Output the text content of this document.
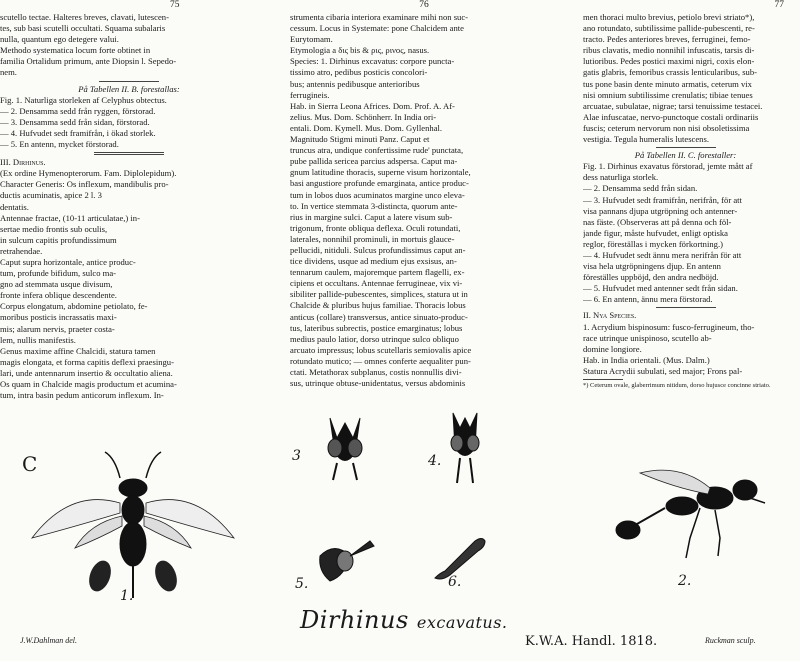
75
scutello tectae. Halteres breves, clavati, lutescen-
tes, sub basi scutelli occultati. Squama subalaris
nulla, quantum ego detegere valui.
Methodo systematica locum forte obtinet in
familia Ortalidum primum, ante Diopsin l. Sepedo-
nem.
På Tabellen II. B. forestallas:
Fig. 1. Naturliga storleken af Celyphus obtectus.
— 2. Densamma sedd från ryggen, förstorad.
— 3. Densamma sedd från sidan, förstorad.
— 4. Hufvudet sedt framifrån, i ökad storlek.
— 5. En antenn, mycket förstorad.
III. Dirhinus.
(Ex ordine Hymenopterorum. Fam. Diplolepidum).
Character Generis: Os inflexum, mandibulis pro-
ductis acuminatis, apice 2 l. 3
dentatis.
Antennae fractae, (10-11 articulatae,) in-
sertae medio frontis sub oculis,
in sulcum capitis profundissimum
retrahendae.
Caput supra horizontale, antice produc-
tum, profunde bifidum, sulco ma-
gno ad stemmata usque divisum,
fronte infera oblique descendente.
Corpus elongatum, abdomine petiolato, fe-
moribus posticis incrassatis maxi-
mis; alarum nervis, praeter costa-
lem, nullis manifestis.
Genus maxime affine Chalcidi, statura tamen
magis elongata, et forma capitis deflexi praesingu-
lari, unde antennarum insertio & occultatio aliena.
Os quam in Chalcide magis productum et acumina-
tum, intra basin pedum anticorum inflexum. In-
76
strumenta cibaria interiora examinare mihi non suc-
cessum. Locus in Systemate: pone Chalcidem ante
Eurytomam.
Etymologia a δις bis & ρις, ρινος, nasus.
Species: 1. Dirhinus excavatus: corpore puncta-
tissimo atro, pedibus posticis concolori-
bus; antennis pedibusque anterioribus
ferrugineis.
Hab. in Sierra Leona Africes. Dom. Prof. A. Af-
zelius. Mus. Dom. Schönherr. In India ori-
entali. Dom. Kymell. Mus. Dom. Gyllenhal.
Magnitudo Stigmi minuti Panz. Caput et
truncus atra, undique confertissime rude' punctata,
pube pallida sericea parcius adspersa. Caput ma-
gnum latitudine thoracis, superne visum horizontale,
basi angustiore profunde emarginata, antice produc-
tum in lobos duos acuminatos margine unco eleva-
to. In vertice stemmata 3-distincta, quorum ante-
rius in margine sulci. Caput a latere visum sub-
trigonum, fronte obliqua deflexa. Oculi rotundati,
laterales, nonnihil prominuli, in mortuis glauce-
pellucidi, nitiduli. Sulcus profundissimus caput an-
tice dividens, usque ad medium ejus exsisus, an-
tennarum caulem, majoremque partem flagelli, ex-
cipiens et occultans. Antennae ferrugineae, vix vi-
sibiliter pallide-pubescentes, simplices, statura ut in
Chalcide & pluribus hujus familiae. Thoracis lobus
anticus (collare) transversus, antice sinuato-produc-
tus, lateribus subrectis, postice emarginatus; lobus
medius paulo latior, dorso utrinque sulco obliquo
arcuato impressus; lobus scutellaris semiovalis apice
rotundato mutico; — omnes conferte aequaliter pun-
ctati. Metathorax subplanus, costis nonnullis divi-
sus, utrinque obtuse-unidentatus, versus abdominis
77
men thoraci multo brevius, petiolo brevi striato*),
ano rotundato, subtilissime pallide-pubescenti, re-
tracto. Pedes anteriores breves, ferruginei, femo-
ribus clavatis, medio nonnihil infuscatis, tarsis di-
lutioribus. Pedes postici maximi nigri, coxis elon-
gatis glabris, femoribus crassis lenticularibus, sub-
tus pone basin dente minuto armatis, ceterum vix
nisi omnium subtilissime crenulatis; tibiae tenues
arcuatae, subulatae, nigrae; tarsi tenuissime testacei.
Alae infuscatae, nervo-punctoque costali ordinariis
fuscis; ceterum nervorum non nisi obsoletissima
vestigia. Tegula humeralis lutescens.
På Tabellen II. C. forestaller:
Fig. 1. Dirhinus exavatus förstorad, jemte mått af
dess naturliga storlek.
— 2. Densamma sedd från sidan.
— 3. Hufvudet sedt framifrån, nerifrån, för att
visa pannans djupa utgröpning och antenner-
nas fäste. (Observeras att på denna och föl-
jande figur, måste hufvudet, enligt optiska
reglor, föreställas i mycken förkortning.)
— 4. Hufvudet sedt ännu mera nerifrån för att
visa hela utgröpningens djup. En antenn
föreställes uppböjd, den andra nedböjd.
— 5. Hufvudet med antenner sedt från sidan.
— 6. En antenn, ännu mera förstorad.
II. Nya Species.
1. Acrydium bispinosum: fusco-ferrugineum, tho-
race utrinque unispinoso, scutello ab-
domine longiore.
Hab. in India orientali. (Mus. Dalm.)
Statura Acrydii subulati, sed major; Frons pal-
*) Ceterum ovale, glaberrimum nitidum, dorso hujusce concinne striato.
C
1.
3	4.
5.	6.	2.
Dirhinus excavatus.
J.W.Dahlman del.	K.W.A. Handl. 1818.	Ruckman sculp.
